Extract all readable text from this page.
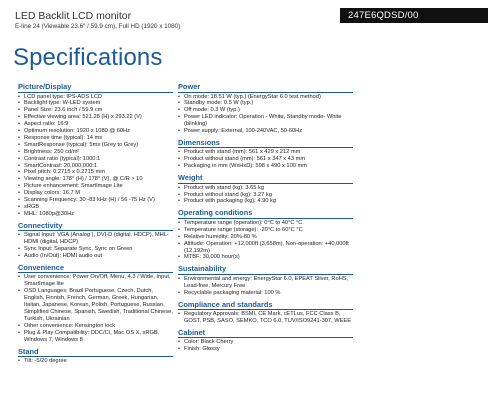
LED Backlit LCD monitor
E-line 24 (Viewable 23.6" / 59.9 cm), Full HD (1920 x 1080)
247E6QDSD/00
Specifications
Picture/Display
• LCD panel type: IPS-ADS LCD
• Backlight type: W-LED system
• Panel Size: 23.6 inch / 59.9 cm
• Effective viewing area: 521.28 (H) x 293.22 (V)
• Aspect ratio: 16:9
• Optimum resolution: 1920 x 1080 @ 60Hz
• Response time (typical): 14 ms
• SmartResponse (typical): 5ms (Grey to Grey)
• Brightness: 250 cd/m²
• Contrast ratio (typical): 1000:1
• SmartContrast: 20,000,000:1
• Pixel pitch: 0.2715 x 0.2715 mm
• Viewing angle: 178° (H) / 178° (V), @ C/R > 10
• Picture enhancement: SmartImage Lite
• Display colors: 16.7 M
• Scanning Frequency: 30 -83 kHz (H) / 56 -75 Hz (V)
• sRGB
• MHL: 1080p@30Hz
Connectivity
• Signal Input: VGA (Analog ), DVI-D (digital, HDCP), MHL-HDMI (digital, HDCP)
• Sync Input: Separate Sync, Sync on Green
• Audio (In/Out): HDMI audio out
Convenience
• User convenience: Power On/Off, Menu, 4.3 / Wide, Input, SmartImage lite
• OSD Languages: Brazil Portuguese, Czech, Dutch, English, Finnish, French, German, Greek, Hungarian, Italian, Japanese, Korean, Polish, Portuguese, Russian, Simplified Chinese, Spanish, Swedish, Traditional Chinese, Turkish, Ukrainian
• Other convenience: Kensington lock
• Plug & Play Compatibility: DDC/CI, Mac OS X, sRGB, Windows 7, Windows 8
Stand
• Tilt: -5/20 degree
Power
• On mode: 18.51 W (typ.) (EnergyStar 6.0 test method)
• Standby mode: 0.5 W (typ.)
• Off mode: 0.3 W (typ.)
• Power LED indicator: Operation - White, Standby mode- White (blinking)
• Power supply: External, 100-240VAC, 50-60Hz
Dimensions
• Product with stand (mm): 561 x 429 x 212 mm
• Product without stand (mm): 561 x 347 x 43 mm
• Packaging in mm (WxHxD): 598 x 490 x 100 mm
Weight
• Product with stand (kg): 3.65 kg
• Product without stand (kg): 3.27 kg
• Product with packaging (kg): 4.90 kg
Operating conditions
• Temperature range (operation): 0°C to 40°C °C
• Temperature range (storage): -20°C to 60°C °C
• Relative humidity: 20%-80 %
• Altitude: Operation: +12,000ft (3,658m), Non-operation: +40,000ft (12,192m)
• MTBF: 30,000 hour(s)
Sustainability
• Environmental and energy: EnergyStar 6.0, EPEAT Silver, RoHS, Lead-free, Mercury Free
• Recyclable packaging material: 100 %
Compliance and standards
• Regulatory Approvals: BSMI, CE Mark, cETLus, FCC Class B, GOST, PSB, SASO, SEMKO, TCO 6.0, TUV/ISO9241-307, WEEE
Cabinet
• Color: Black Cherry
• Finish: Glossy
